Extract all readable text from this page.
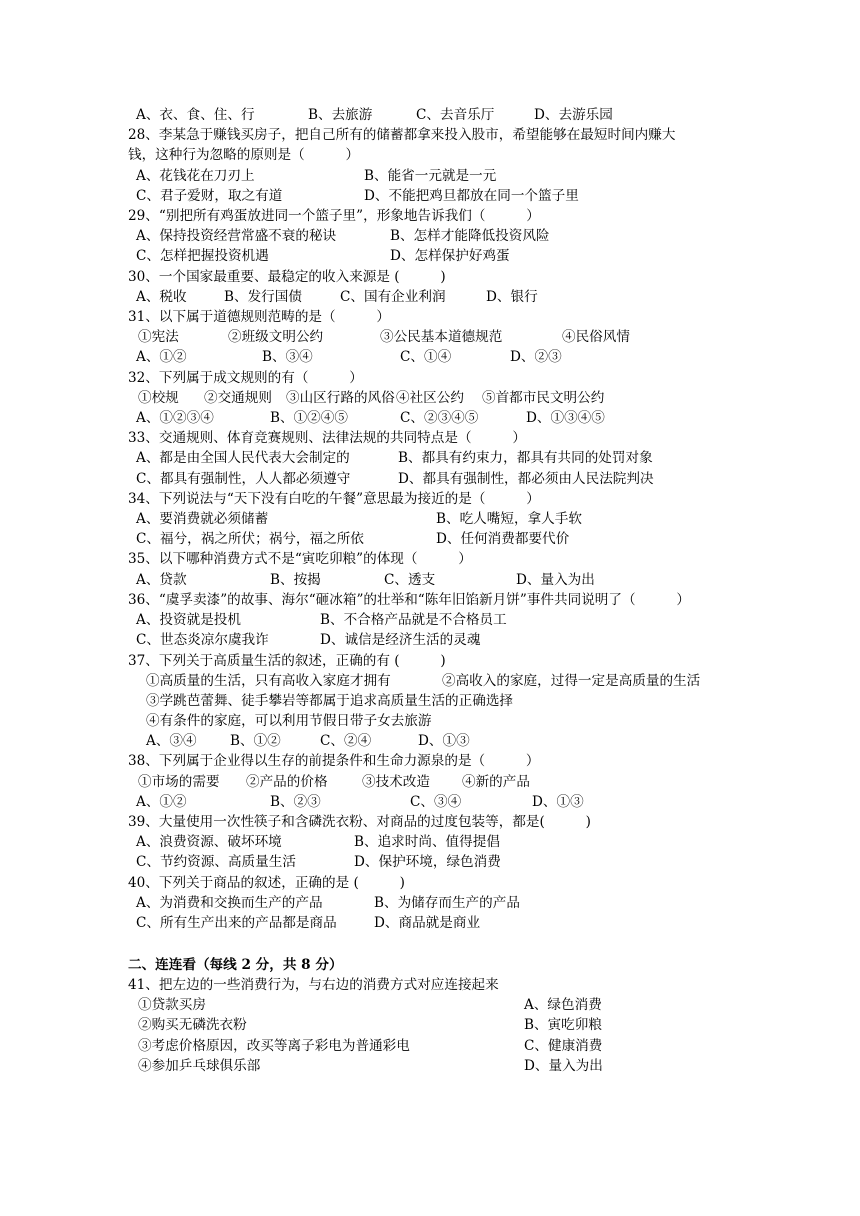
A、衣、食、住、行	B、去旅游	C、去音乐厅	D、去游乐园
28、李某急于赚钱买房子，把自己所有的储蓄都拿来投入股市，希望能够在最短时间内赚大
钱，这种行为忽略的原则是（　　　）
A、花钱花在刀刃上	B、能省一元就是一元
C、君子爱财，取之有道	D、不能把鸡旦都放在同一个篮子里
29、“别把所有鸡蛋放进同一个篮子里”，形象地告诉我们（　　　）
A、保持投资经营常盛不衰的秘诀	B、怎样才能降低投资风险
C、怎样把握投资机遇	D、怎样保护好鸡蛋
30、一个国家最重要、最稳定的收入来源是 (　　　)
A、税收	B、发行国债	C、国有企业利润	D、银行
31、以下属于道德规则范畴的是（　　　）
①宪法	②班级文明公约	③公民基本道德规范	④民俗风情
A、①②	B、③④	C、①④	D、②③
32、下列属于成文规则的有（　　　）
①校规 ②交通规则 ③山区行路的风俗 ④社区公约 ⑤首都市民文明公约
A、①②③④	B、①②④⑤	C、②③④⑤	D、①③④⑤
33、交通规则、体育竞赛规则、法律法规的共同特点是（　　　）
A、都是由全国人民代表大会制定的	B、都具有约束力，都具有共同的处罚对象
C、都具有强制性，人人都必须遵守	D、都具有强制性，都必须由人民法院判决
34、下列说法与“天下没有白吃的午餐”意思最为接近的是（　　　）
A、要消费就必须储蓄	B、吃人嘴短，拿人手软
C、福兮，祸之所伏；祸兮，福之所依	D、任何消费都要代价
35、以下哪种消费方式不是“寅吃卯粮”的体现（　　　）
A、贷款	B、按揭	C、透支	D、量入为出
36、“虞孚卖漆”的故事、海尔“砸冰箱”的壮举和“陈年旧馅新月饼”事件共同说明了（　　　）
A、投资就是投机	B、不合格产品就是不合格员工
C、世态炎凉尔虞我诈	D、诚信是经济生活的灵魂
37、下列关于高质量生活的叙述，正确的有 (　　　)
①高质量的生活，只有高收入家庭才拥有	②高收入的家庭，过得一定是高质量的生活
③学跳芭蕾舞、徒手攀岩等都属于追求高质量生活的正确选择
④有条件的家庭，可以利用节假日带子女去旅游
A、③④ B、①②	C、②④	D、①③
38、下列属于企业得以生存的前提条件和生命力源泉的是（　　　）
①市场的需要 ②产品的价格	③技术改造 ④新的产品
A、①②	B、②③	C、③④	D、①③
39、大量使用一次性筷子和含磷洗衣粉、对商品的过度包装等，都是(　　　)
A、浪费资源、破坏环境	B、追求时尚、值得提倡
C、节约资源、高质量生活	D、保护环境，绿色消费
40、下列关于商品的叙述，正确的是 (　　　)
A、为消费和交换而生产的产品	B、为储存而生产的产品
C、所有生产出来的产品都是商品	D、商品就是商业
二、连连看（每线 2 分，共 8 分）
41、把左边的一些消费行为，与右边的消费方式对应连接起来
①贷款买房	A、绿色消费
②购买无磷洗衣粉	B、寅吃卯粮
③考虑价格原因，改买等离子彩电为普通彩电	C、健康消费
④参加乒乓球俱乐部	D、量入为出
